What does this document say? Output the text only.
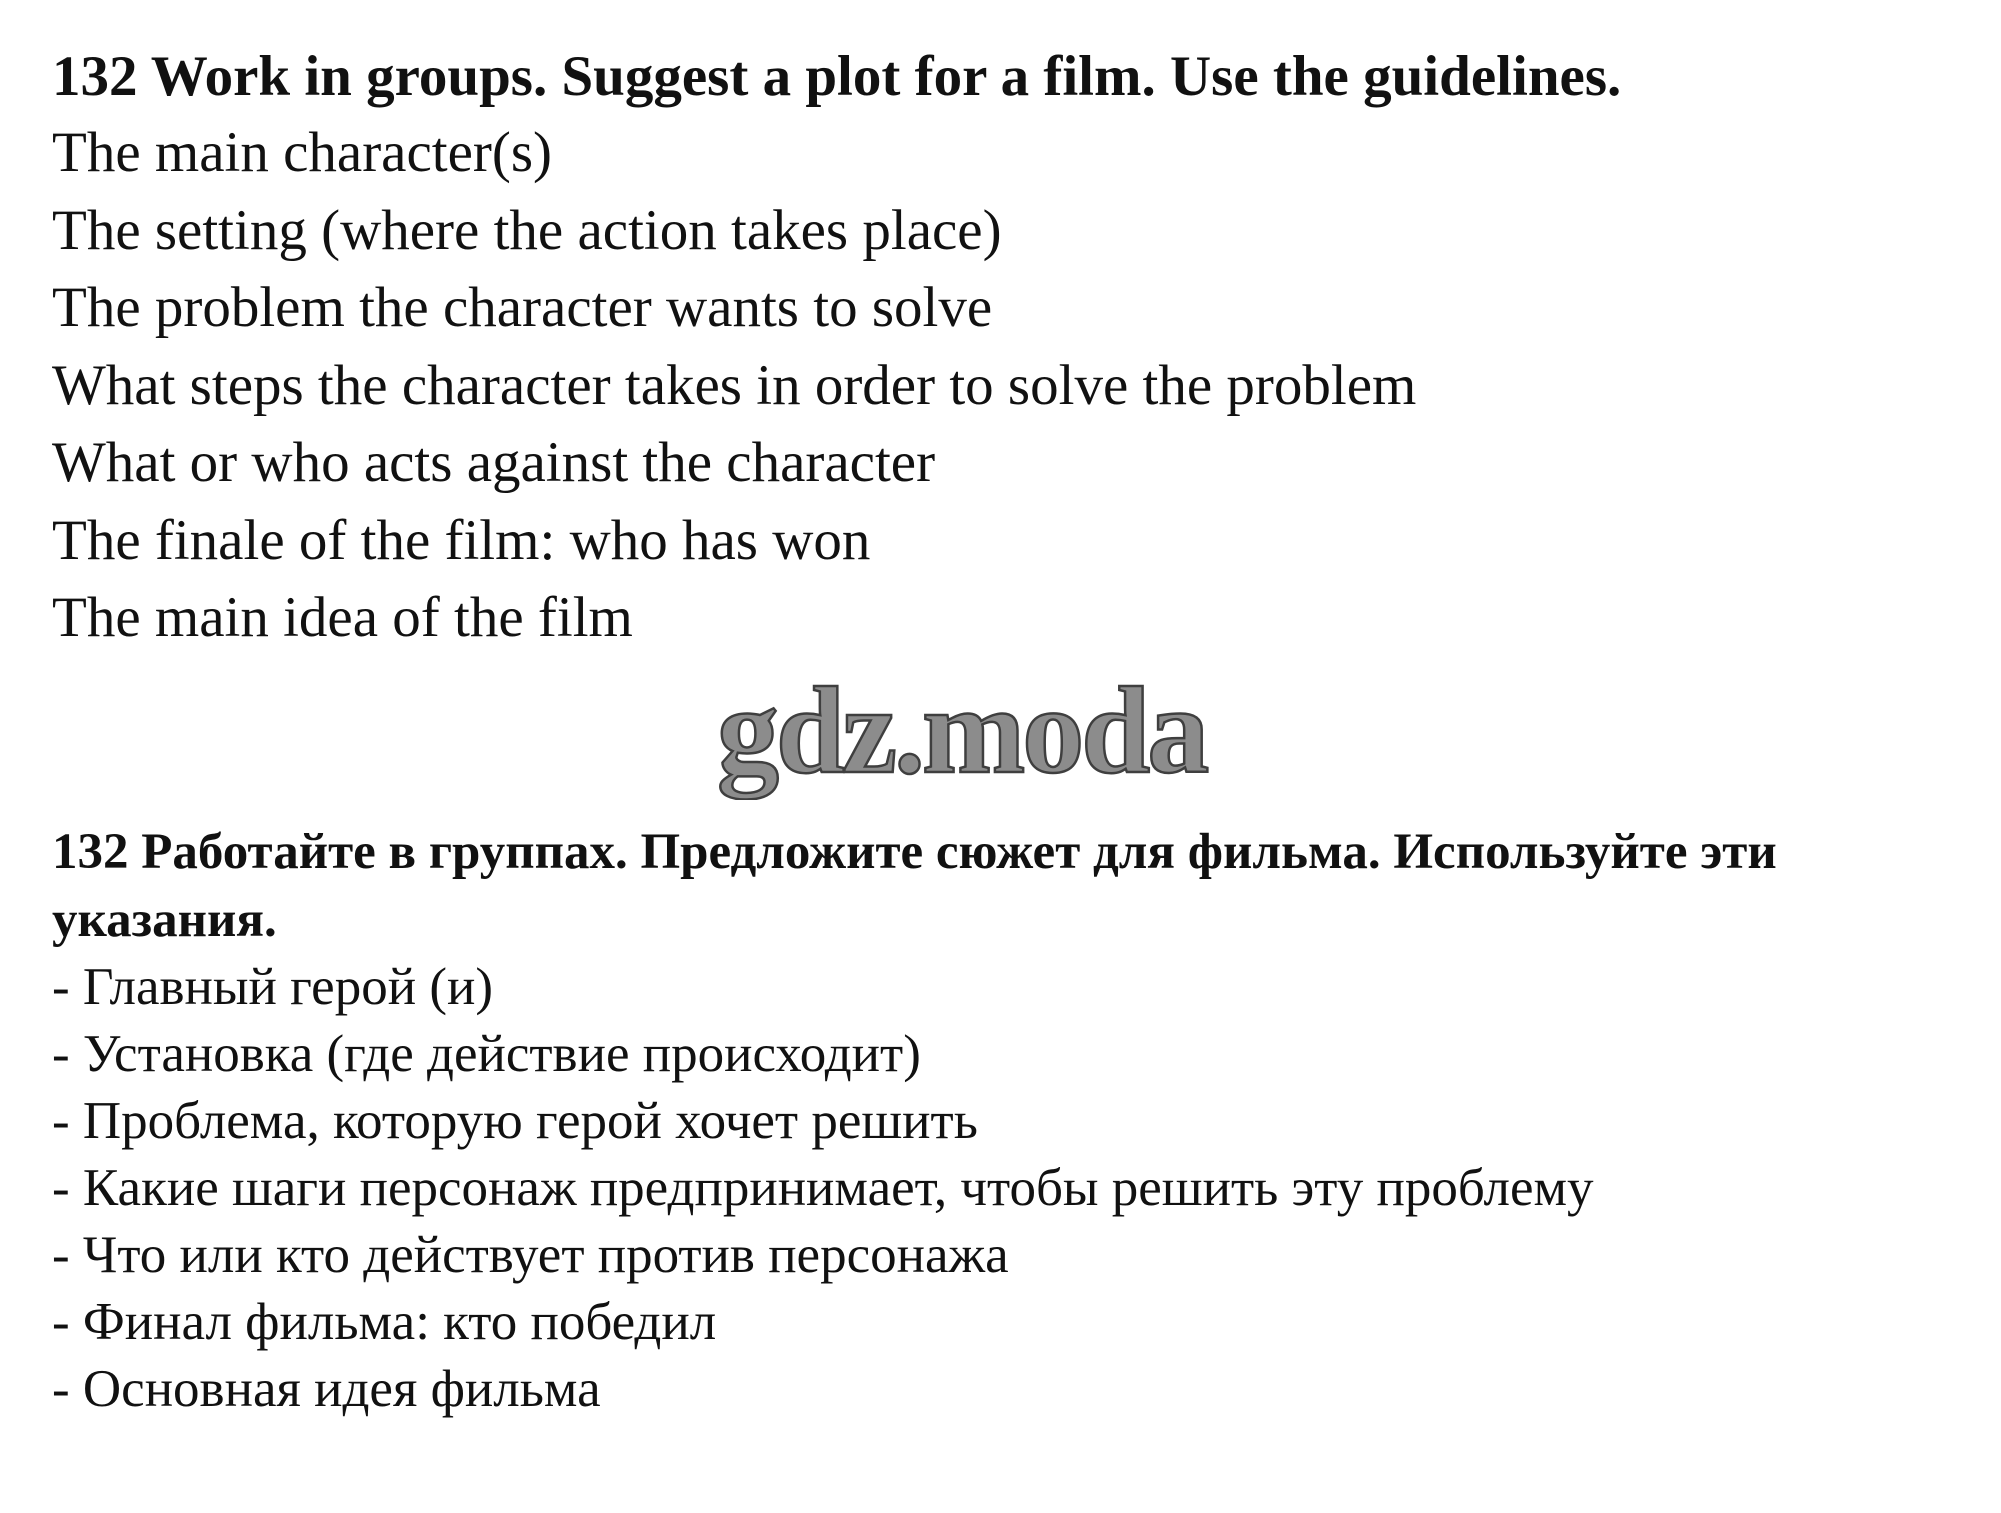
132 Work in groups. Suggest a plot for a film. Use the guidelines.

The main character(s)

The setting (where the action takes place)

The problem the character wants to solve

What steps the character takes in order to solve the problem

What or who acts against the character

The finale of the film: who has won

The main idea of the film

gdz.moda

132 Работайте в группах. Предложите сюжет для фильма. Используйте эти указания.

- Главный герой (и)
- Установка (где действие происходит)
- Проблема, которую герой хочет решить
- Какие шаги персонаж предпринимает, чтобы решить эту проблему
- Что или кто действует против персонажа
- Финал фильма: кто победил
- Основная идея фильма
